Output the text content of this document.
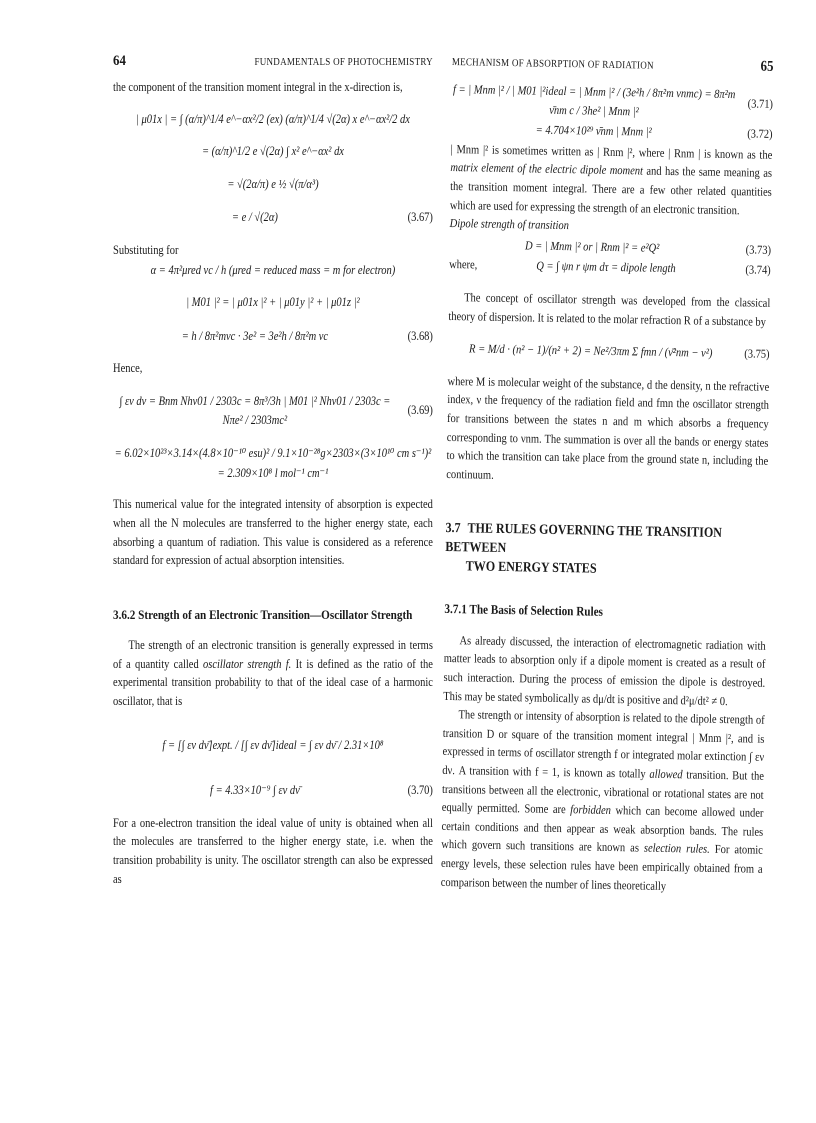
64	FUNDAMENTALS OF PHOTOCHEMISTRY

the component of the transition moment integral in the x-direction is,

| μ01x | = ∫ (α/π)^1/4 e^−αx²/2 (ex) (α/π)^1/4 √(2α) x e^−αx²/2 dx
= (α/π)^1/2 e √(2α) ∫ x² e^−αx² dx
= √(2α/π) e ½ √(π/α³)
= e / √(2α)	(3.67)

Substituting for

α = 4π²μred νc / h (μred = reduced mass = m for electron)
| M01 |² = | μ01x |² + | μ01y |² + | μ01z |²
= h / 8π²mνc · 3e² = 3e²h / 8π²m νc	(3.68)

Hence,

∫ εν dν = Bnm Nhν01 / 2303c = 8π³/3h | M01 |² Nhν01 / 2303c = Nπe² / 2303mc²
(3.69)
= 6.02×10²³×3.14×(4.8×10⁻¹⁰ esu)² / 9.1×10⁻²⁸g×2303×(3×10¹⁰ cm s⁻¹)²
= 2.309×10⁸ l mol⁻¹ cm⁻¹

This numerical value for the integrated intensity of absorption is expected when all the N molecules are transferred to the higher energy state, each absorbing a quantum of radiation. This value is considered as a reference standard for expression of actual absorption intensities.

3.6.2 Strength of an Electronic Transition—Oscillator Strength

The strength of an electronic transition is generally expressed in terms of a quantity called oscillator strength f. It is defined as the ratio of the experimental transition probability to that of the ideal case of a harmonic oscillator, that is

f = [∫ εν dν̄]expt. / [∫ εν dν̄]ideal = ∫ εν dν̄ / 2.31×10⁸
f = 4.33×10⁻⁹ ∫ εν dν̄	(3.70)

For a one-electron transition the ideal value of unity is obtained when all the molecules are transferred to the higher energy state, i.e. when the transition probability is unity. The oscillator strength can also be expressed as

MECHANISM OF ABSORPTION OF RADIATION	65
f = | Mnm |² / | M01 |²ideal = | Mnm |² / (3e²h / 8π²m νnmc) = 8π²m ν̄nm c / 3he² | Mnm |²	(3.71)
= 4.704×10²⁹ ν̄nm | Mnm |²	(3.72)

| Mnm |² is sometimes written as | Rnm |², where | Rnm | is known as the matrix element of the electric dipole moment and has the same meaning as the transition moment integral. There are a few other related quantities which are used for expressing the strength of an electronic transition.

Dipole strength of transition

D = | Mnm |² or | Rnm |² = e²Q²	(3.73)
where,	Q = ∫ ψn r ψm dτ = dipole length	(3.74)

The concept of oscillator strength was developed from the classical theory of dispersion. It is related to the molar refraction R of a substance by

R = M/d · (n² − 1)/(n² + 2) = Ne²/3πm Σ fmn / (ν̄²nm − ν²)	(3.75)

where M is molecular weight of the substance, d the density, n the refractive index, ν the frequency of the radiation field and fmn the oscillator strength for transitions between the states n and m which absorbs a frequency corresponding to νnm. The summation is over all the bands or energy states to which the transition can take place from the ground state n, including the continuum.

3.7 THE RULES GOVERNING THE TRANSITION BETWEEN
TWO ENERGY STATES
3.7.1 The Basis of Selection Rules

As already discussed, the interaction of electromagnetic radiation with matter leads to absorption only if a dipole moment is created as a result of such interaction. During the process of emission the dipole is destroyed. This may be stated symbolically as dμ/dt is positive and d²μ/dt² ≠ 0.

The strength or intensity of absorption is related to the dipole strength of transition D or square of the transition moment integral | Mnm |², and is expressed in terms of oscillator strength f or integrated molar extinction ∫ εν dν. A transition with f = 1, is known as totally allowed transition. But the transitions between all the electronic, vibrational or rotational states are not equally permitted. Some are forbidden which can become allowed under certain conditions and then appear as weak absorption bands. The rules which govern such transitions are known as selection rules. For atomic energy levels, these selection rules have been empirically obtained from a comparison between the number of lines theoretically
